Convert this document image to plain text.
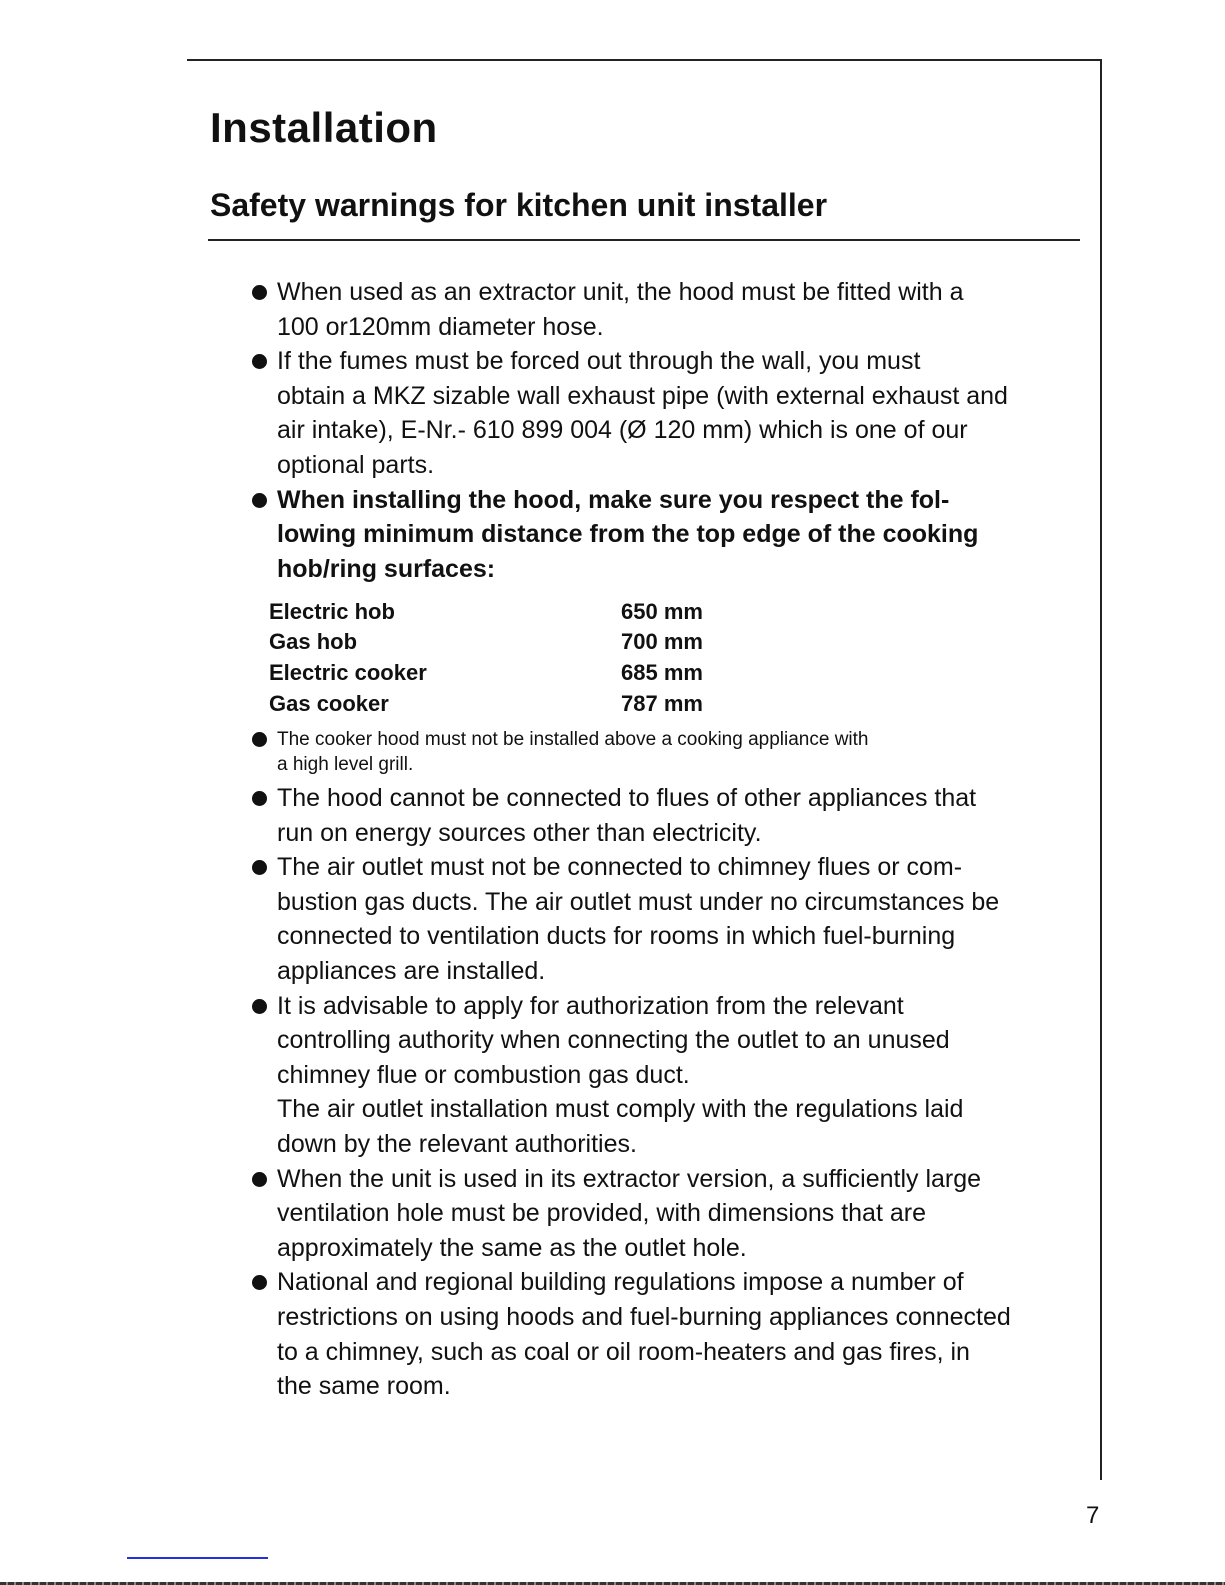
Installation
Safety warnings for kitchen unit installer
When used as an extractor unit, the hood must be fitted with a
100 or120mm diameter hose.
If the fumes must be forced out through the wall, you must
obtain a MKZ sizable wall exhaust pipe (with external exhaust and
air intake), E-Nr.- 610 899 004 (Ø 120 mm) which is one of our
optional parts.
When installing the hood, make sure you respect the fol-
lowing minimum distance from the top edge of the cooking
hob/ring surfaces:
Electric hob	650 mm
Gas hob	700 mm
Electric cooker	685 mm
Gas cooker	787 mm
The cooker hood must not be installed above a cooking appliance with
a high level grill.
The hood cannot be connected to flues of other appliances that
run on energy sources other than electricity.
The air outlet must not be connected to chimney flues or com-
bustion gas ducts. The air outlet must under no circumstances be
connected to ventilation ducts for rooms in which fuel-burning
appliances are installed.
It is advisable to apply for authorization from the relevant
controlling authority when connecting the outlet to an unused
chimney flue or combustion gas duct.
The air outlet installation must comply with the regulations laid
down by the relevant authorities.
When the unit is used in its extractor version, a sufficiently large
ventilation hole must be provided, with dimensions that are
approximately the same as the outlet hole.
National and regional building regulations impose a number of
restrictions on using hoods and fuel-burning appliances connected
to a chimney, such as coal or oil room-heaters and gas fires, in
the same room.
7
